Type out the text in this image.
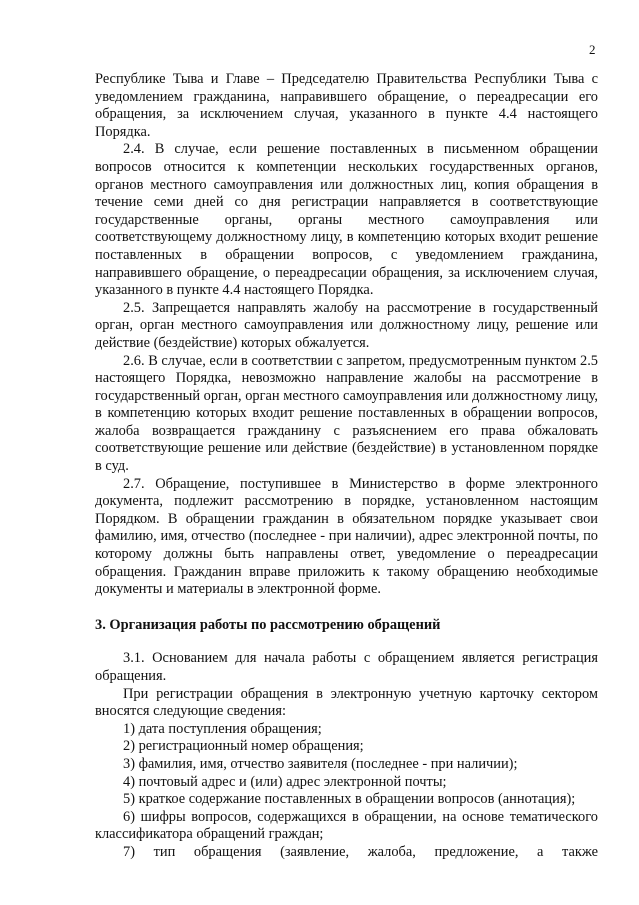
2

Республике Тыва и Главе – Председателю Правительства Республики Тыва с уведомлением гражданина, направившего обращение, о переадресации его обращения, за исключением случая, указанного в пункте 4.4 настоящего Порядка.

2.4. В случае, если решение поставленных в письменном обращении вопросов относится к компетенции нескольких государственных органов, органов местного самоуправления или должностных лиц, копия обращения в течение семи дней со дня регистрации направляется в соответствующие государственные органы, органы местного самоуправления или соответствующему должностному лицу, в компетенцию которых входит решение поставленных в обращении вопросов, с уведомлением гражданина, направившего обращение, о переадресации обращения, за исключением случая, указанного в пункте 4.4 настоящего Порядка.

2.5. Запрещается направлять жалобу на рассмотрение в государственный орган, орган местного самоуправления или должностному лицу, решение или действие (бездействие) которых обжалуется.

2.6. В случае, если в соответствии с запретом, предусмотренным пунктом 2.5 настоящего Порядка, невозможно направление жалобы на рассмотрение в государственный орган, орган местного самоуправления или должностному лицу, в компетенцию которых входит решение поставленных в обращении вопросов, жалоба возвращается гражданину с разъяснением его права обжаловать соответствующие решение или действие (бездействие) в установленном порядке в суд.

2.7. Обращение, поступившее в Министерство в форме электронного документа, подлежит рассмотрению в порядке, установленном настоящим Порядком. В обращении гражданин в обязательном порядке указывает свои фамилию, имя, отчество (последнее - при наличии), адрес электронной почты, по которому должны быть направлены ответ, уведомление о переадресации обращения. Гражданин вправе приложить к такому обращению необходимые документы и материалы в электронной форме.

3. Организация работы по рассмотрению обращений

3.1. Основанием для начала работы с обращением является регистрация обращения.

При регистрации обращения в электронную учетную карточку сектором вносятся следующие сведения:

1) дата поступления обращения;

2) регистрационный номер обращения;

3) фамилия, имя, отчество заявителя (последнее - при наличии);

4) почтовый адрес и (или) адрес электронной почты;

5) краткое содержание поставленных в обращении вопросов (аннотация);

6) шифры вопросов, содержащихся в обращении, на основе тематического классификатора обращений граждан;

7) тип обращения (заявление, жалоба, предложение, а также
